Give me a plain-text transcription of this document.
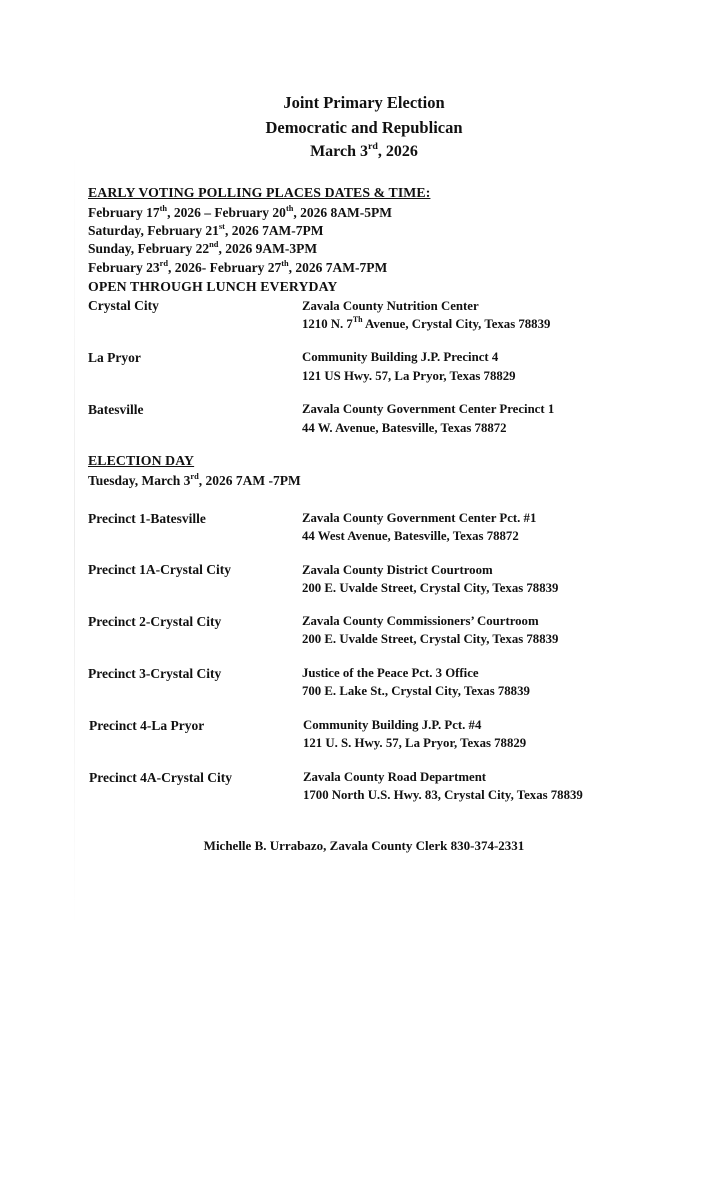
Joint Primary Election
Democratic and Republican
March 3rd, 2026
EARLY VOTING POLLING PLACES DATES & TIME:
February 17th, 2026 – February 20th, 2026 8AM-5PM
Saturday, February 21st, 2026 7AM-7PM
Sunday, February 22nd, 2026 9AM-3PM
February 23rd, 2026- February 27th, 2026 7AM-7PM
OPEN THROUGH LUNCH EVERYDAY
Crystal City	Zavala County Nutrition Center
1210 N. 7Th Avenue, Crystal City, Texas 78839
La Pryor	Community Building J.P. Precinct 4
121 US Hwy. 57, La Pryor, Texas 78829
Batesville	Zavala County Government Center Precinct 1
44 W. Avenue, Batesville, Texas 78872
ELECTION DAY
Tuesday, March 3rd, 2026 7AM -7PM
Precinct 1-Batesville	Zavala County Government Center Pct. #1
44 West Avenue, Batesville, Texas 78872
Precinct 1A-Crystal City	Zavala County District Courtroom
200 E. Uvalde Street, Crystal City, Texas 78839
Precinct 2-Crystal City	Zavala County Commissioners’ Courtroom
200 E. Uvalde Street, Crystal City, Texas 78839
Precinct 3-Crystal City	Justice of the Peace Pct. 3 Office
700 E. Lake St., Crystal City, Texas 78839
Precinct 4-La Pryor	Community Building J.P. Pct. #4
121 U. S. Hwy. 57, La Pryor, Texas 78829
Precinct 4A-Crystal City	Zavala County Road Department
1700 North U.S. Hwy. 83, Crystal City, Texas 78839
Michelle B. Urrabazo, Zavala County Clerk 830-374-2331
